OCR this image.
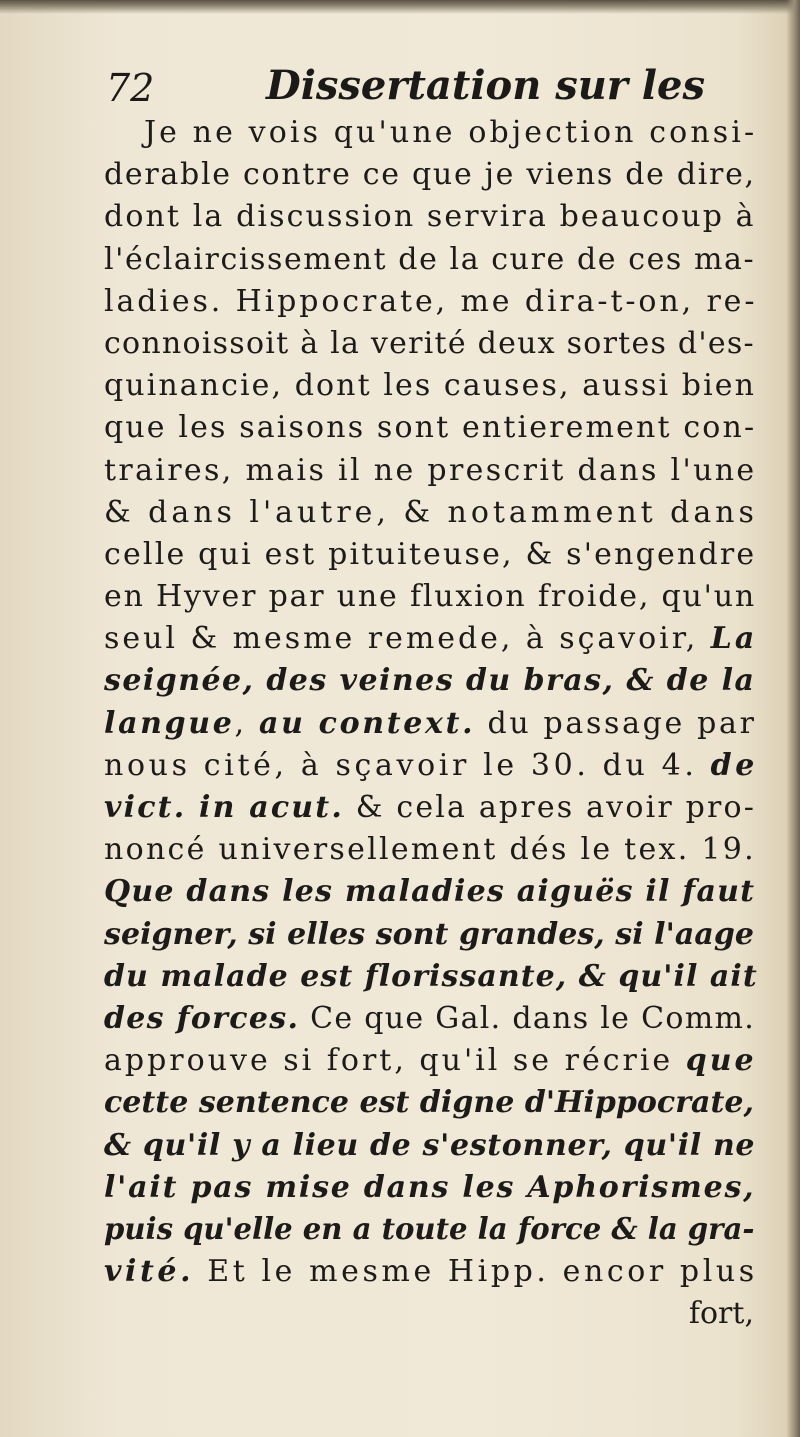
72	Dissertation sur les
Je ne vois qu'une objection consi-
derable contre ce que je viens de dire,
dont la discussion servira beaucoup à
l'éclaircissement de la cure de ces ma-
ladies. Hippocrate, me dira-t-on, re-
connoissoit à la verité deux sortes d'es-
quinancie, dont les causes, aussi bien
que les saisons sont entierement con-
traires, mais il ne prescrit dans l'une
& dans l'autre, & notamment dans
celle qui est pituiteuse, & s'engendre
en Hyver par une fluxion froide, qu'un
seul & mesme remede, à sçavoir, La
seignée, des veines du bras, & de la
langue, au context. du passage par
nous cité, à sçavoir le 30. du 4. de
vict. in acut. & cela apres avoir pro-
noncé universellement dés le tex. 19.
Que dans les maladies aiguës il faut
seigner, si elles sont grandes, si l'aage
du malade est florissante, & qu'il ait
des forces. Ce que Gal. dans le Comm.
approuve si fort, qu'il se récrie que
cette sentence est digne d'Hippocrate,
& qu'il y a lieu de s'estonner, qu'il ne
l'ait pas mise dans les Aphorismes,
puis qu'elle en a toute la force & la gra-
vité. Et le mesme Hipp. encor plus
fort,
